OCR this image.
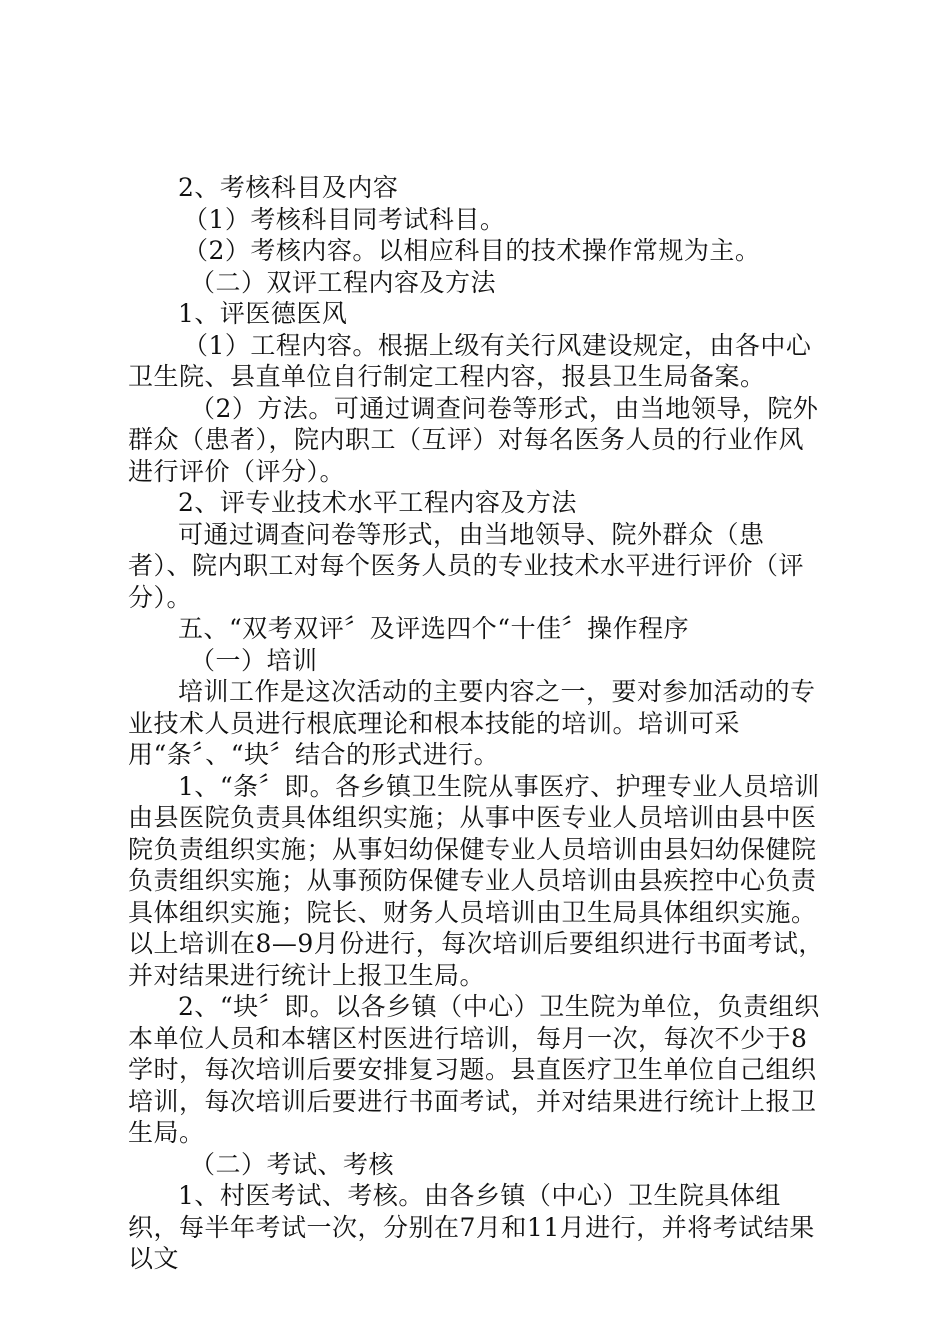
2、考核科目及内容

（1）考核科目同考试科目。

（2）考核内容。以相应科目的技术操作常规为主。

（二）双评工程内容及方法

1、评医德医风

（1）工程内容。根据上级有关行风建设规定，由各中心卫生院、县直单位自行制定工程内容，报县卫生局备案。

（2）方法。可通过调查问卷等形式，由当地领导，院外群众（患者），院内职工（互评）对每名医务人员的行业作风进行评价（评分）。

2、评专业技术水平工程内容及方法

可通过调查问卷等形式，由当地领导、院外群众（患者）、院内职工对每个医务人员的专业技术水平进行评价（评分）。

五、“双考双评〞及评选四个“十佳〞操作程序

（一）培训

培训工作是这次活动的主要内容之一，要对参加活动的专业技术人员进行根底理论和根本技能的培训。培训可采用“条〞、“块〞结合的形式进行。

1、“条〞即。各乡镇卫生院从事医疗、护理专业人员培训由县医院负责具体组织实施；从事中医专业人员培训由县中医院负责组织实施；从事妇幼保健专业人员培训由县妇幼保健院负责组织实施；从事预防保健专业人员培训由县疾控中心负责具体组织实施；院长、财务人员培训由卫生局具体组织实施。以上培训在8—9月份进行，每次培训后要组织进行书面考试，并对结果进行统计上报卫生局。

2、“块〞即。以各乡镇（中心）卫生院为单位，负责组织本单位人员和本辖区村医进行培训，每月一次，每次不少于8学时，每次培训后要安排复习题。县直医疗卫生单位自己组织培训，每次培训后要进行书面考试，并对结果进行统计上报卫生局。

（二）考试、考核

1、村医考试、考核。由各乡镇（中心）卫生院具体组织，每半年考试一次，分别在7月和11月进行，并将考试结果以文
